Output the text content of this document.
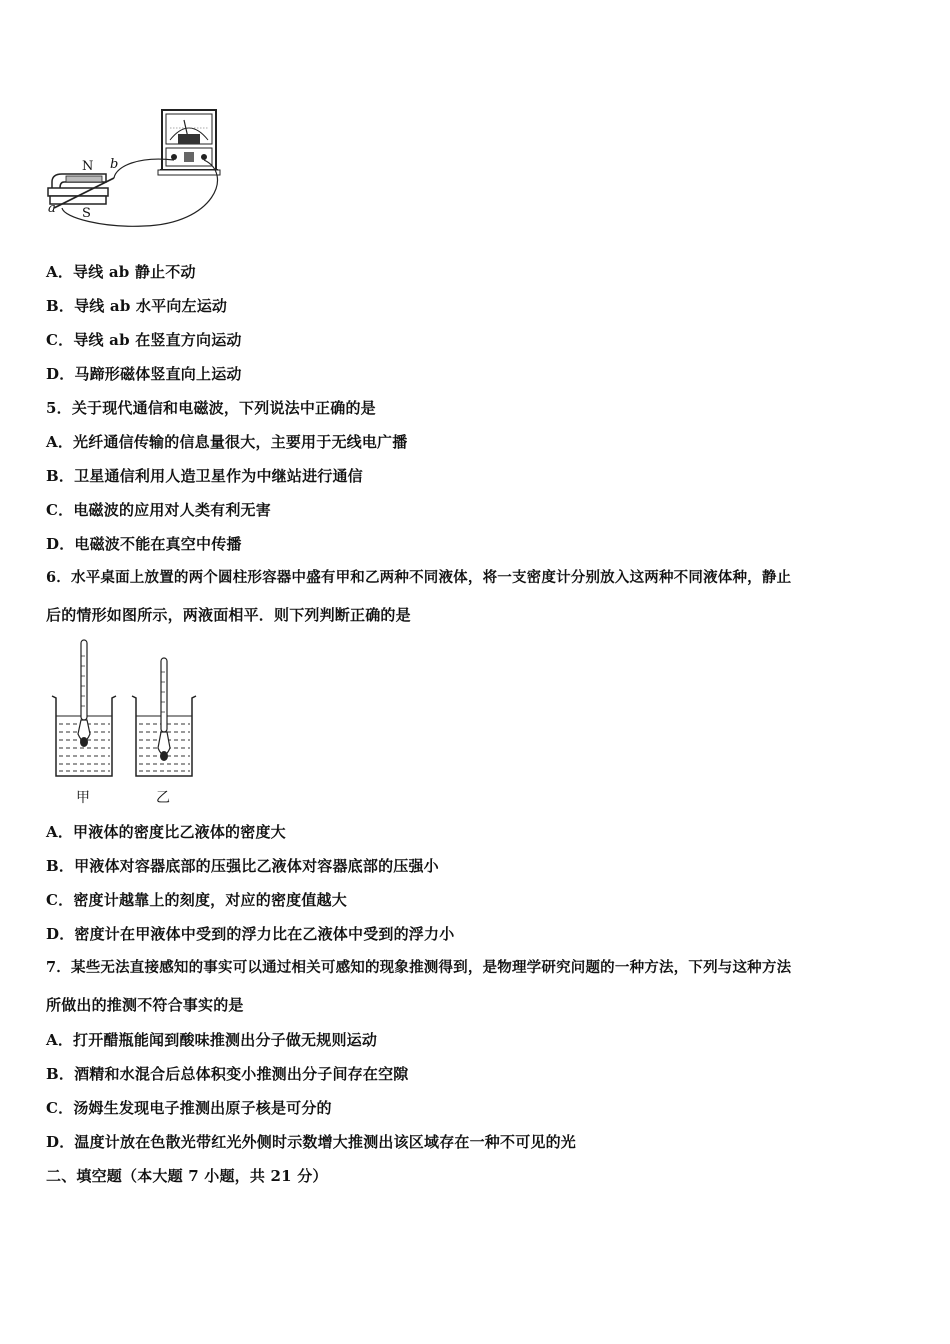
N
S
a
b
A．导线 ab 静止不动
B．导线 ab 水平向左运动
C．导线 ab 在竖直方向运动
D．马蹄形磁体竖直向上运动
5．关于现代通信和电磁波，下列说法中正确的是
A．光纤通信传输的信息量很大，主要用于无线电广播
B．卫星通信利用人造卫星作为中继站进行通信
C．电磁波的应用对人类有利无害
D．电磁波不能在真空中传播
6．水平桌面上放置的两个圆柱形容器中盛有甲和乙两种不同液体，将一支密度计分别放入这两种不同液体种，静止
后的情形如图所示，两液面相平．则下列判断正确的是
甲	乙
A．甲液体的密度比乙液体的密度大
B．甲液体对容器底部的压强比乙液体对容器底部的压强小
C．密度计越靠上的刻度，对应的密度值越大
D．密度计在甲液体中受到的浮力比在乙液体中受到的浮力小
7．某些无法直接感知的事实可以通过相关可感知的现象推测得到，是物理学研究问题的一种方法，下列与这种方法
所做出的推测不符合事实的是
A．打开醋瓶能闻到酸味推测出分子做无规则运动
B．酒精和水混合后总体积变小推测出分子间存在空隙
C．汤姆生发现电子推测出原子核是可分的
D．温度计放在色散光带红光外侧时示数增大推测出该区域存在一种不可见的光
二、填空题（本大题 7 小题，共 21 分）
